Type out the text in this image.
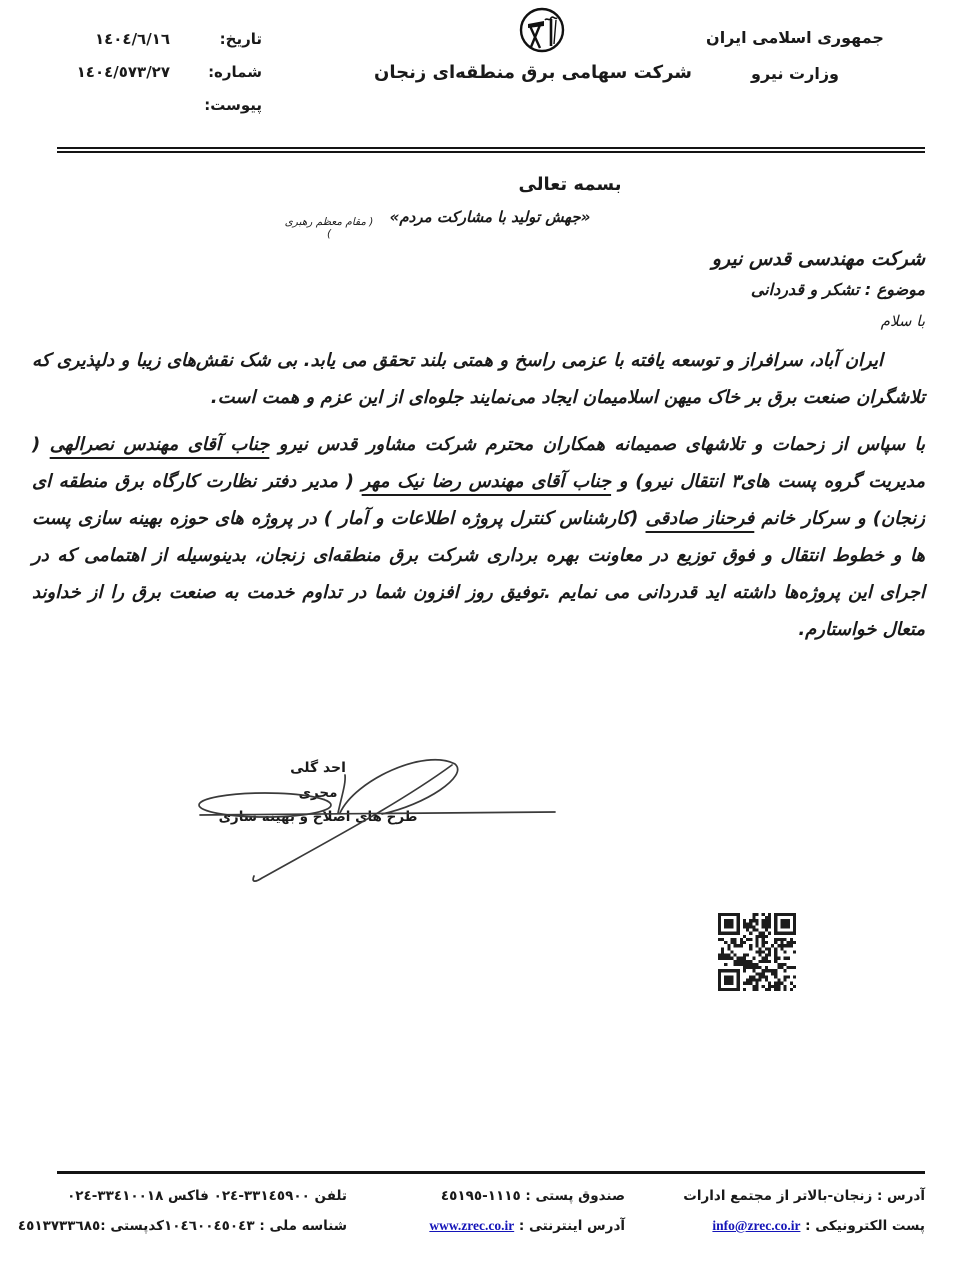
جمهوری اسلامی ایران
وزارت نیرو
شرکت سهامی برق منطقه‌ای زنجان
تاریخ:
١٤٠٤/٦/١٦
شماره:
١٤٠٤/٥٧٣/٢٧
پیوست:
بسمه تعالی
«جهش تولید با مشارکت مردم»
( مقام معظم رهبری )
شرکت مهندسی قدس نیرو
موضوع : تشکر و قدردانی
با سلام

ایران آباد، سرافراز و توسعه یافته با عزمی راسخ و همتی بلند تحقق می یابد. بی شک نقش‌های زیبا و دلپذیری که تلاشگران صنعت برق بر خاک میهن اسلامیمان ایجاد می‌نمایند جلوه‌ای از این عزم و همت است.

با سپاس از زحمات و تلاشهای صمیمانه همکاران محترم شرکت مشاور قدس نیرو جناب آقای مهندس نصرالهی ( مدیریت گروه پست های٣ انتقال نیرو) و جناب آقای مهندس رضا نیک مهر ( مدیر دفتر نظارت کارگاه برق منطقه ای زنجان) و سرکار خانم فرحناز صادقی (کارشناس کنترل پروژه اطلاعات و آمار ) در پروژه های حوزه بهینه سازی پست ها و خطوط انتقال و فوق توزیع در معاونت بهره برداری شرکت برق منطقه‌ای زنجان، بدینوسیله از اهتمامی که در اجرای این پروژه‌ها داشته اید قدردانی می نمایم .توفیق روز افزون شما در تداوم خدمت به صنعت برق را از خداوند متعال خواستارم.

احد گلی
مجری
طرح های اصلاح و بهینه سازی
آدرس : زنجان-بالاتر از مجتمع ادارات
پست الکترونیکی : info@zrec.co.ir
صندوق پستی : ١١١٥-٤٥١٩٥
آدرس اینترنتی : www.zrec.co.ir
تلفن ٣٣١٤٥٩٠٠-٠٢٤ فاکس ٣٣٤١٠٠١٨-٠٢٤
شناسه ملی : ١٠٤٦٠٠٤٥٠٤٣کدپستی :٤٥١٣٧٣٣٦٨٥
